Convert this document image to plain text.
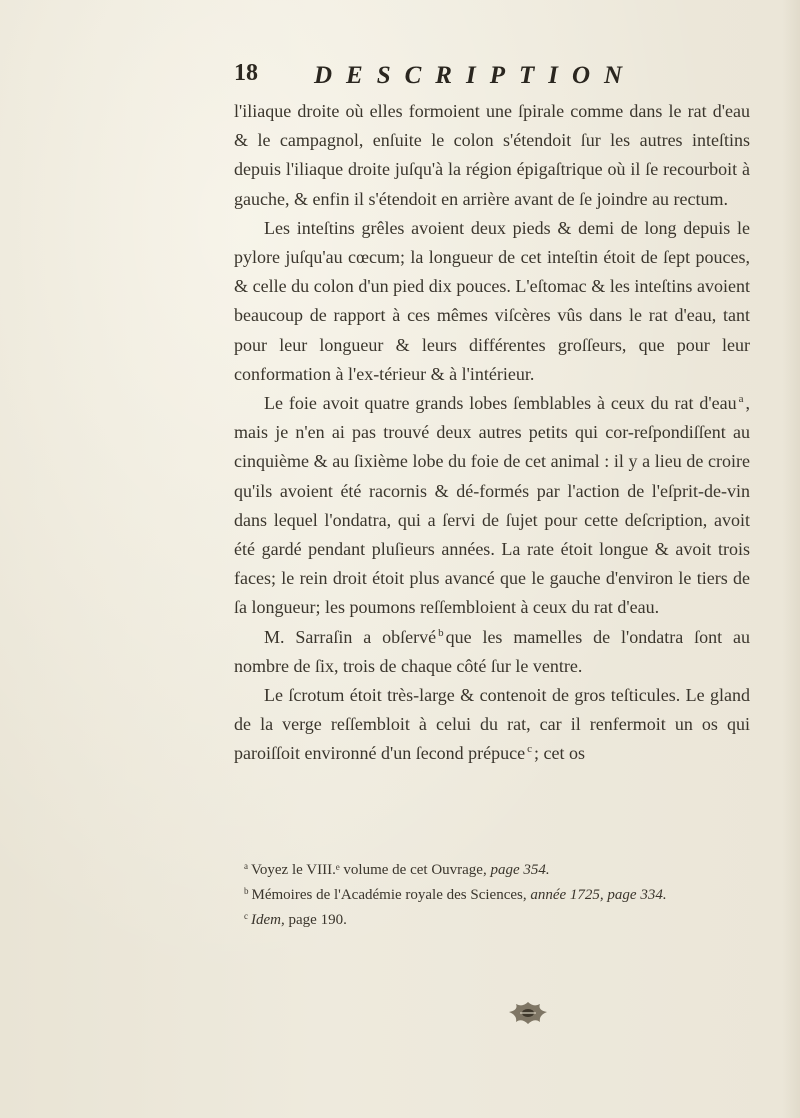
18 DESCRIPTION

l'iliaque droite où elles formoient une ſpirale comme dans le rat d'eau & le campagnol, enſuite le colon s'étendoit ſur les autres inteſtins depuis l'iliaque droite juſqu'à la région épigaſtrique où il ſe recourboit à gauche, & enfin il s'étendoit en arrière avant de ſe joindre au rectum.

Les inteſtins grêles avoient deux pieds & demi de long depuis le pylore juſqu'au cœcum; la longueur de cet inteſtin étoit de ſept pouces, & celle du colon d'un pied dix pouces. L'eſtomac & les inteſtins avoient beaucoup de rapport à ces mêmes viſcères vûs dans le rat d'eau, tant pour leur longueur & leurs différentes groſſeurs, que pour leur conformation à l'ex-térieur & à l'intérieur.

Le foie avoit quatre grands lobes ſemblables à ceux du rat d'eau $^a$ , mais je n'en ai pas trouvé deux autres petits qui cor-reſpondiſſent au cinquième & au ſixième lobe du foie de cet animal : il y a lieu de croire qu'ils avoient été racornis & dé-formés par l'action de l'eſprit-de-vin dans lequel l'ondatra, qui a ſervi de ſujet pour cette deſcription, avoit été gardé pendant pluſieurs années. La rate étoit longue & avoit trois faces; le rein droit étoit plus avancé que le gauche d'environ le tiers de ſa longueur; les poumons reſſembloient à ceux du rat d'eau.

M. Sarraſin a obſervé $^b$ que les mamelles de l'ondatra ſont au nombre de ſix, trois de chaque côté ſur le ventre.

Le ſcrotum étoit très-large & contenoit de gros teſticules. Le gland de la verge reſſembloit à celui du rat, car il renfermoit un os qui paroiſſoit environné d'un ſecond prépuce $^c$ ; cet os

$^a$ Voyez le VIII.ᵉ volume de cet Ouvrage, page 354.

$^b$ Mémoires de l'Académie royale des Sciences, année 1725, page 334.

$^c$ Idem, page 190.
